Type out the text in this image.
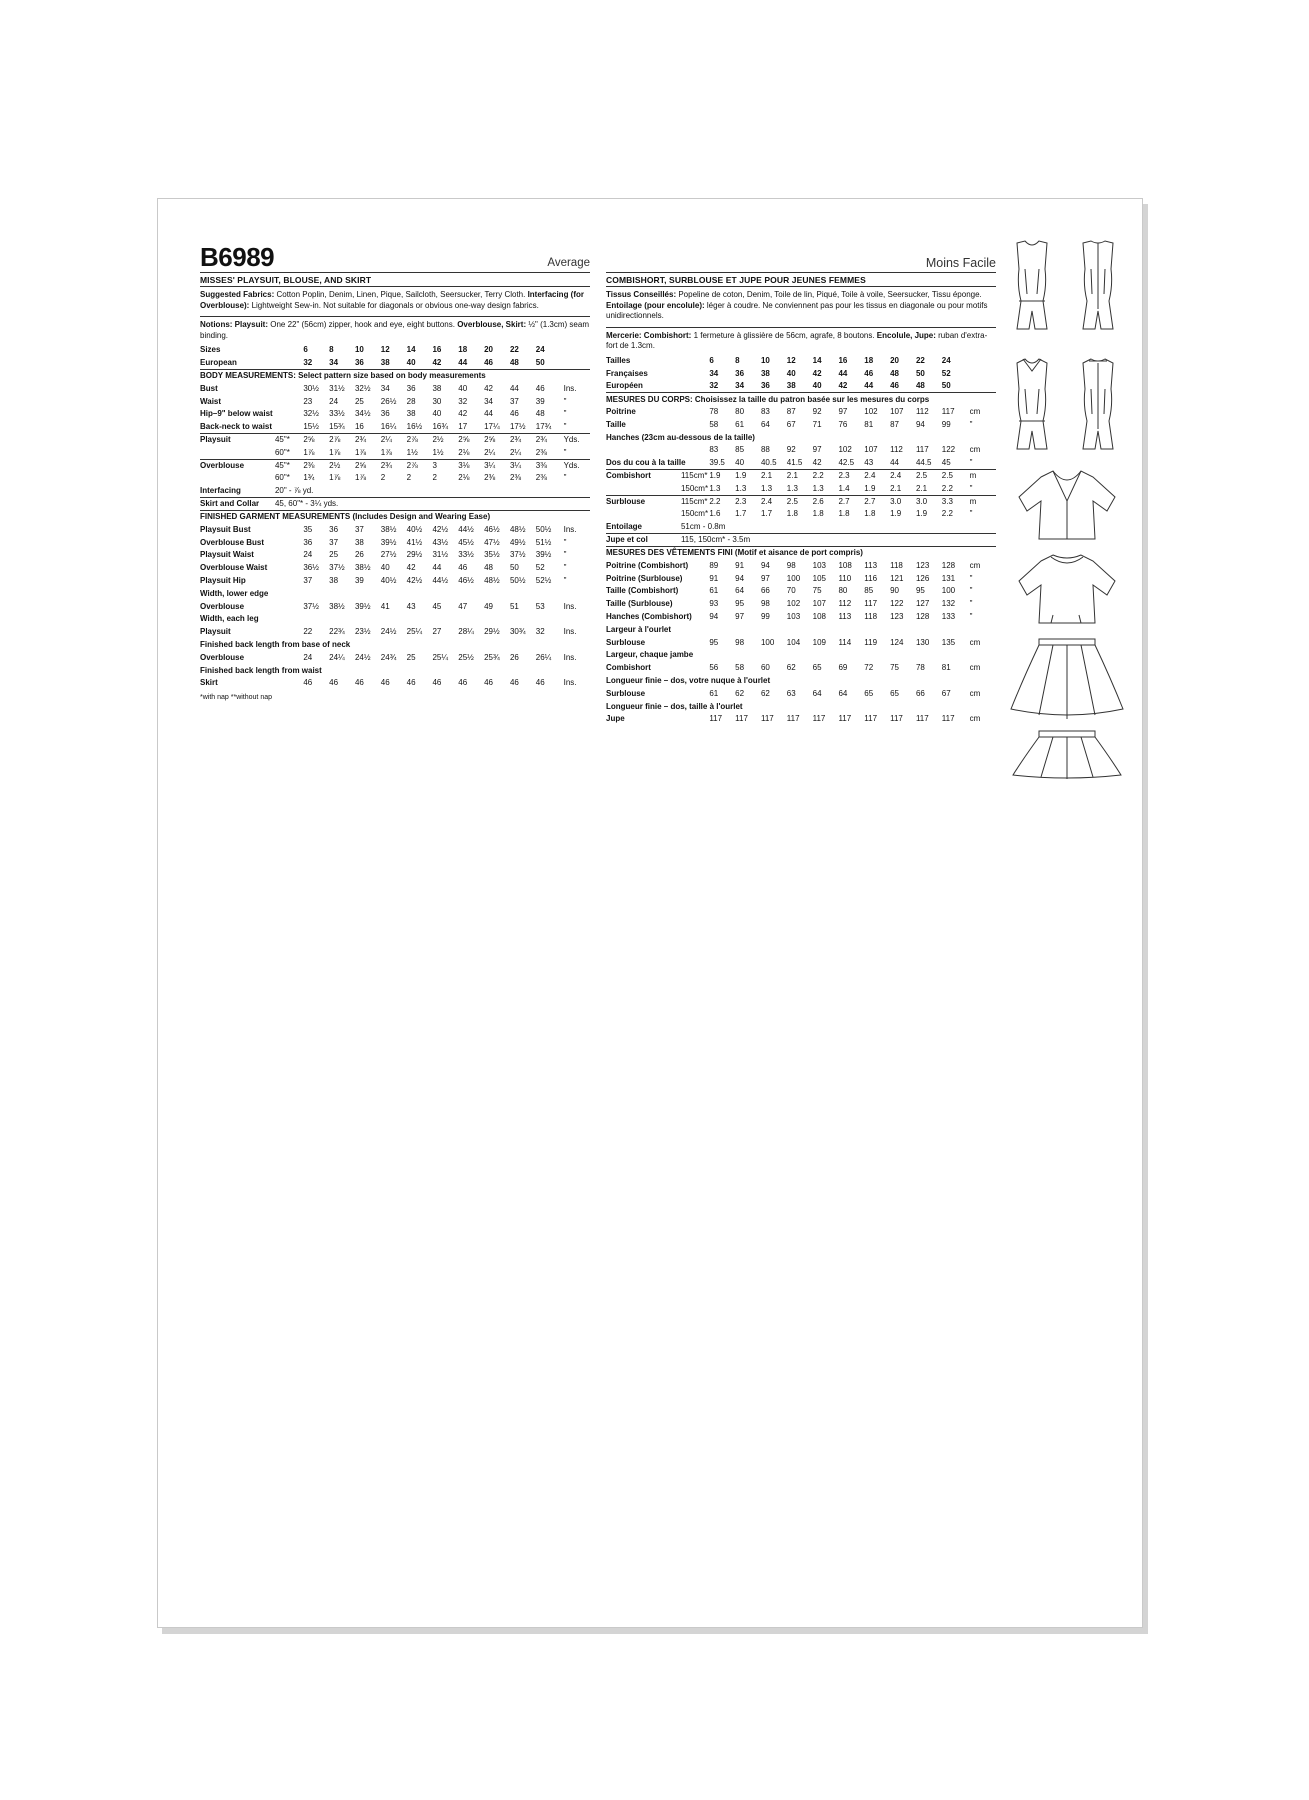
B6989	Average
MISSES' PLAYSUIT, BLOUSE, AND SKIRT
Suggested Fabrics: Cotton Poplin, Denim, Linen, Pique, Sailcloth, Seersucker, Terry Cloth. Interfacing (for Overblouse): Lightweight Sew-in. Not suitable for diagonals or obvious one-way design fabrics.
Notions: Playsuit: One 22" (56cm) zipper, hook and eye, eight buttons. Overblouse, Skirt: ½" (1.3cm) seam binding.
Sizes		6	8	10	12	14	16	18	20	22	24	
European		32	34	36	38	40	42	44	46	48	50	
BODY MEASUREMENTS: Select pattern size based on body measurements												
Bust		30½	31½	32½	34	36	38	40	42	44	46	Ins.
Waist		23	24	25	26½	28	30	32	34	37	39	"
Hip–9" below waist		32½	33½	34½	36	38	40	42	44	46	48	"
Back-neck to waist		15½	15¾	16	16¼	16½	16¾	17	17¼	17½	17¾	"
Playsuit	45"*	2⅝	2⅞	2¾	2¼	2⅞	2½	2⅝	2⅝	2¾	2¾	Yds.
	60"*	1⅞	1⅞	1⅞	1⅞	1½	1½	2⅛	2¼	2¼	2⅜	"
Overblouse	45"*	2⅜	2½	2⅝	2¾	2⅞	3	3⅛	3¼	3¼	3⅜	Yds.
	60"*	1¾	1⅞	1⅞	2	2	2	2⅛	2⅜	2⅜	2⅜	"
Interfacing	20" - ⅞ yd.											
Skirt and Collar	45, 60"* - 3¼ yds.											
FINISHED GARMENT MEASUREMENTS (Includes Design and Wearing Ease)												
Playsuit Bust		35	36	37	38½	40½	42½	44½	46½	48½	50½	Ins.
Overblouse Bust		36	37	38	39½	41½	43½	45½	47½	49½	51½	"
Playsuit Waist		24	25	26	27½	29½	31½	33½	35½	37½	39½	"
Overblouse Waist		36½	37½	38½	40	42	44	46	48	50	52	"
Playsuit Hip		37	38	39	40½	42½	44½	46½	48½	50½	52½	"
Width, lower edge												
Overblouse		37½	38½	39½	41	43	45	47	49	51	53	Ins.
Width, each leg												
Playsuit		22	22¾	23½	24½	25¼	27	28¼	29½	30¾	32	Ins.
Finished back length from base of neck												
Overblouse		24	24¼	24½	24¾	25	25¼	25½	25¾	26	26¼	Ins.
Finished back length from waist												
Skirt		46	46	46	46	46	46	46	46	46	46	Ins.
*with nap **without nap
Moins Facile
COMBISHORT, SURBLOUSE ET JUPE POUR JEUNES FEMMES
Tissus Conseillés: Popeline de coton, Denim, Toile de lin, Piqué, Toile à voile, Seersucker, Tissu éponge. Entoilage (pour encolule): léger à coudre. Ne conviennent pas pour les tissus en diagonale ou pour motifs unidirectionnels.
Mercerie: Combishort: 1 fermeture à glissière de 56cm, agrafe, 8 boutons. Encolule, Jupe: ruban d'extra-fort de 1.3cm.
Tailles		6	8	10	12	14	16	18	20	22	24	
Françaises		34	36	38	40	42	44	46	48	50	52	
Européen		32	34	36	38	40	42	44	46	48	50	
MESURES DU CORPS: Choisissez la taille du patron basée sur les mesures du corps												
Poitrine		78	80	83	87	92	97	102	107	112	117	cm
Taille		58	61	64	67	71	76	81	87	94	99	"
Hanches (23cm au-dessous de la taille)												
		83	85	88	92	97	102	107	112	117	122	cm
Dos du cou à la taille		39.5	40	40.5	41.5	42	42.5	43	44	44.5	45	"
Combishort	115cm*	1.9	1.9	2.1	2.1	2.2	2.3	2.4	2.4	2.5	2.5	m
	150cm*	1.3	1.3	1.3	1.3	1.3	1.4	1.9	2.1	2.1	2.2	"
Surblouse	115cm*	2.2	2.3	2.4	2.5	2.6	2.7	2.7	3.0	3.0	3.3	m
	150cm*	1.6	1.7	1.7	1.8	1.8	1.8	1.8	1.9	1.9	2.2	"
Entoilage	51cm - 0.8m											
Jupe et col	115, 150cm* - 3.5m											
MESURES DES VÊTEMENTS FINI (Motif et aisance de port compris)												
Poitrine (Combishort)		89	91	94	98	103	108	113	118	123	128	cm
Poitrine (Surblouse)		91	94	97	100	105	110	116	121	126	131	"
Taille (Combishort)		61	64	66	70	75	80	85	90	95	100	"
Taille (Surblouse)		93	95	98	102	107	112	117	122	127	132	"
Hanches (Combishort)		94	97	99	103	108	113	118	123	128	133	"
Largeur à l'ourlet												
Surblouse		95	98	100	104	109	114	119	124	130	135	cm
Largeur, chaque jambe												
Combishort		56	58	60	62	65	69	72	75	78	81	cm
Longueur finie – dos, votre nuque à l'ourlet												
Surblouse		61	62	62	63	64	64	65	65	66	67	cm
Longueur finie – dos, taille à l'ourlet												
Jupe		117	117	117	117	117	117	117	117	117	117	cm
